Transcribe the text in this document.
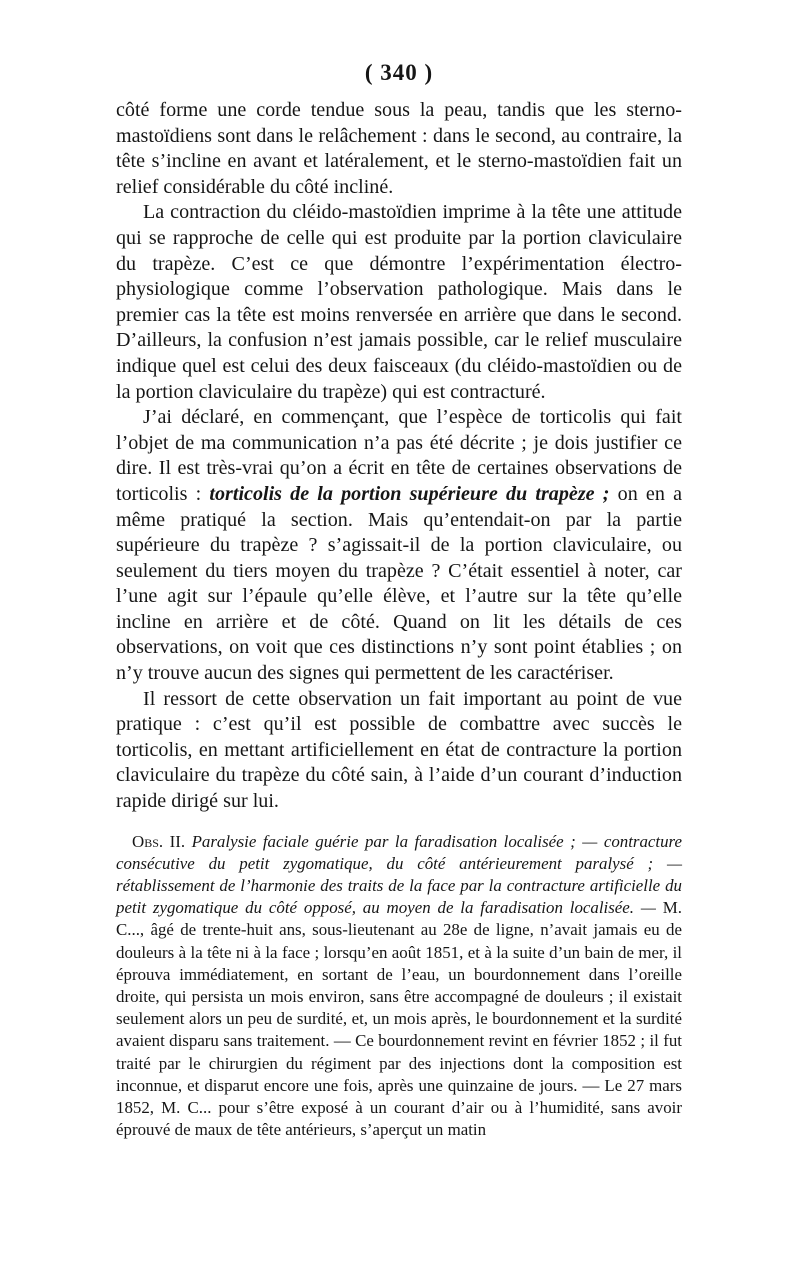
( 340 )

côté forme une corde tendue sous la peau, tandis que les sterno-mastoïdiens sont dans le relâchement : dans le second, au contraire, la tête s’incline en avant et latéralement, et le sterno-mastoïdien fait un relief considérable du côté incliné.

La contraction du cléido-mastoïdien imprime à la tête une attitude qui se rapproche de celle qui est produite par la portion claviculaire du trapèze. C’est ce que démontre l’expérimentation électro-physiologique comme l’observation pathologique. Mais dans le premier cas la tête est moins renversée en arrière que dans le second. D’ailleurs, la confusion n’est jamais possible, car le relief musculaire indique quel est celui des deux faisceaux (du cléido-mastoïdien ou de la portion claviculaire du trapèze) qui est contracturé.

J’ai déclaré, en commençant, que l’espèce de torticolis qui fait l’objet de ma communication n’a pas été décrite ; je dois justifier ce dire. Il est très-vrai qu’on a écrit en tête de certaines observations de torticolis : torticolis de la portion supérieure du trapèze ; on en a même pratiqué la section. Mais qu’entendait-on par la partie supérieure du trapèze ? s’agissait-il de la portion claviculaire, ou seulement du tiers moyen du trapèze ? C’était essentiel à noter, car l’une agit sur l’épaule qu’elle élève, et l’autre sur la tête qu’elle incline en arrière et de côté. Quand on lit les détails de ces observations, on voit que ces distinctions n’y sont point établies ; on n’y trouve aucun des signes qui permettent de les caractériser.

Il ressort de cette observation un fait important au point de vue pratique : c’est qu’il est possible de combattre avec succès le torticolis, en mettant artificiellement en état de contracture la portion claviculaire du trapèze du côté sain, à l’aide d’un courant d’induction rapide dirigé sur lui.

Obs. II. Paralysie faciale guérie par la faradisation localisée ; — contracture consécutive du petit zygomatique, du côté antérieurement paralysé ; — rétablissement de l’harmonie des traits de la face par la contracture artificielle du petit zygomatique du côté opposé, au moyen de la faradisation localisée. — M. C..., âgé de trente-huit ans, sous-lieutenant au 28e de ligne, n’avait jamais eu de douleurs à la tête ni à la face ; lorsqu’en août 1851, et à la suite d’un bain de mer, il éprouva immédiatement, en sortant de l’eau, un bourdonnement dans l’oreille droite, qui persista un mois environ, sans être accompagné de douleurs ; il existait seulement alors un peu de surdité, et, un mois après, le bourdonnement et la surdité avaient disparu sans traitement. — Ce bourdonnement revint en février 1852 ; il fut traité par le chirurgien du régiment par des injections dont la composition est inconnue, et disparut encore une fois, après une quinzaine de jours. — Le 27 mars 1852, M. C... pour s’être exposé à un courant d’air ou à l’humidité, sans avoir éprouvé de maux de tête antérieurs, s’aperçut un matin
